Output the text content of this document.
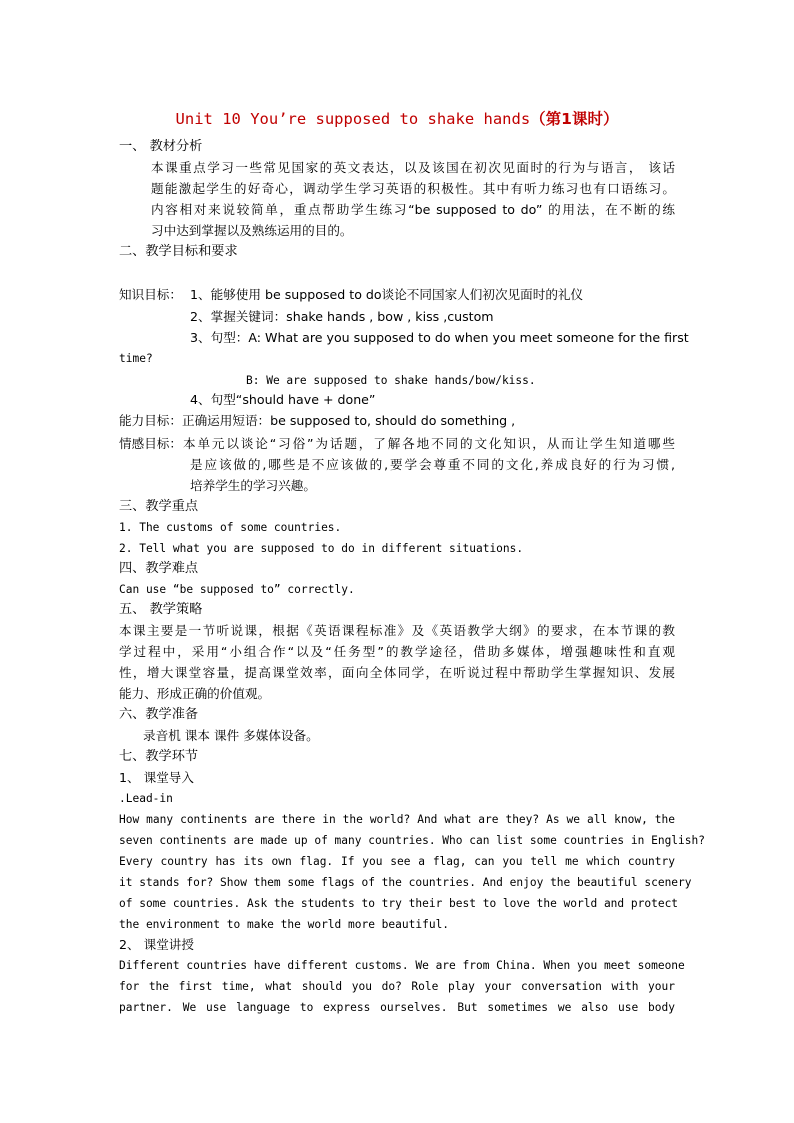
Unit 10 You’re supposed to shake hands（第1课时）
一、 教材分析
本课重点学习一些常见国家的英文表达，以及该国在初次见面时的行为与语言， 该话
题能激起学生的好奇心，调动学生学习英语的积极性。其中有听力练习也有口语练习。
内容相对来说较简单，重点帮助学生练习“be supposed to do” 的用法，在不断的练
习中达到掌握以及熟练运用的目的。
二、教学目标和要求
知识目标： 1、能够使用 be supposed to do谈论不同国家人们初次见面时的礼仪
2、掌握关键词：shake hands , bow , kiss ,custom
3、句型：A: What are you supposed to do when you meet someone for the first
time?
B: We are supposed to shake hands/bow/kiss.
4、句型“should have + done”
能力目标：正确运用短语：be supposed to, should do something ,
情感目标： 本单元以谈论“习俗”为话题，了解各地不同的文化知识，从而让学生知道哪些
是应该做的,哪些是不应该做的,要学会尊重不同的文化,养成良好的行为习惯,
培养学生的学习兴趣。
三、教学重点
1. The customs of some countries.
2. Tell what you are supposed to do in different situations.
四、教学难点
Can use “be supposed to” correctly.
五、 教学策略
本课主要是一节听说课，根据《英语课程标准》及《英语教学大纲》的要求，在本节课的教
学过程中，采用“小组合作“以及“任务型”的教学途径，借助多媒体，增强趣味性和直观
性，增大课堂容量，提高课堂效率，面向全体同学，在听说过程中帮助学生掌握知识、发展
能力、形成正确的价值观。
六、教学准备
录音机 课本 课件 多媒体设备。
七、教学环节
1、 课堂导入
.Lead-in
How many continents are there in the world? And what are they? As we all know, the
seven continents are made up of many countries. Who can list some countries in English?
Every country has its own flag. If you see a flag, can you tell me which country
it stands for? Show them some flags of the countries. And enjoy the beautiful scenery
of some countries. Ask the students to try their best to love the world and protect
the environment to make the world more beautiful.
2、 课堂讲授
Different countries have different customs. We are from China. When you meet someone
for the first time, what should you do? Role play your conversation with your
partner. We use language to express ourselves. But sometimes we also use body
